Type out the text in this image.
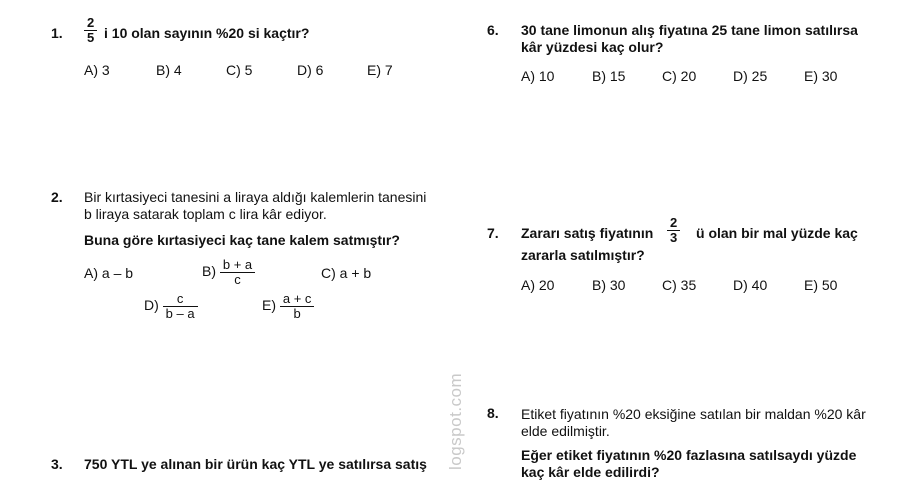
logspot.com
1. $\frac{2}{5}$ i 10 olan sayının %20 si kaçtır?
A) 3	B) 4	C) 5	D) 6	E) 7
2. Bir kırtasiyeci tanesini a liraya aldığı kalemlerin tanesini
b liraya satarak toplam c lira kâr ediyor.
Buna göre kırtasiyeci kaç tane kalem satmıştır?
A) a – b	$B) \frac{b + a}{c}$	C) a + b
$D) \frac{c}{b - a}$	$E) \frac{a + c}{b}$
3. 750 YTL ye alınan bir ürün kaç YTL ye satılırsa satış
6. 30 tane limonun alış fiyatına 25 tane limon satılırsa
kâr yüzdesi kaç olur?
A) 10	B) 15	C) 20	D) 25	E) 30
7. Zararı satış fiyatının $\frac{2}{3}$ ü olan bir mal yüzde kaç
zararla satılmıştır?
A) 20	B) 30	C) 35	D) 40	E) 50
8. Etiket fiyatının %20 eksiğine satılan bir maldan %20 kâr
elde edilmiştir.
Eğer etiket fiyatının %20 fazlasına satılsaydı yüzde
kaç kâr elde edilirdi?
